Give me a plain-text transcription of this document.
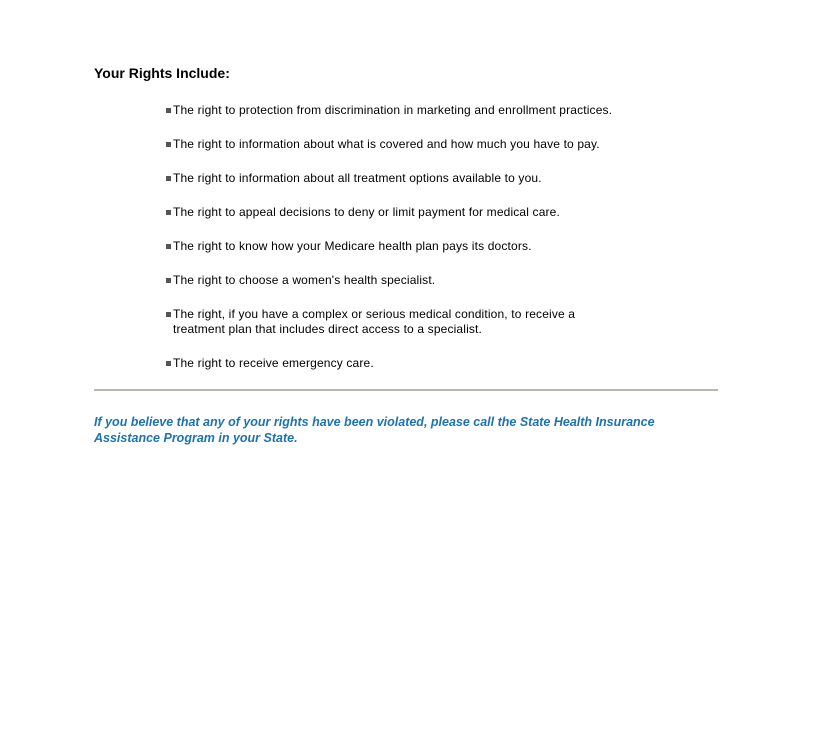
Your Rights Include:
The right to protection from discrimination in marketing and enrollment practices.
The right to information about what is covered and how much you have to pay.
The right to information about all treatment options available to you.
The right to appeal decisions to deny or limit payment for medical care.
The right to know how your Medicare health plan pays its doctors.
The right to choose a women's health specialist.
The right, if you have a complex or serious medical condition, to receive a
treatment plan that includes direct access to a specialist.
The right to receive emergency care.

If you believe that any of your rights have been violated, please call the State Health Insurance
Assistance Program in your State.
